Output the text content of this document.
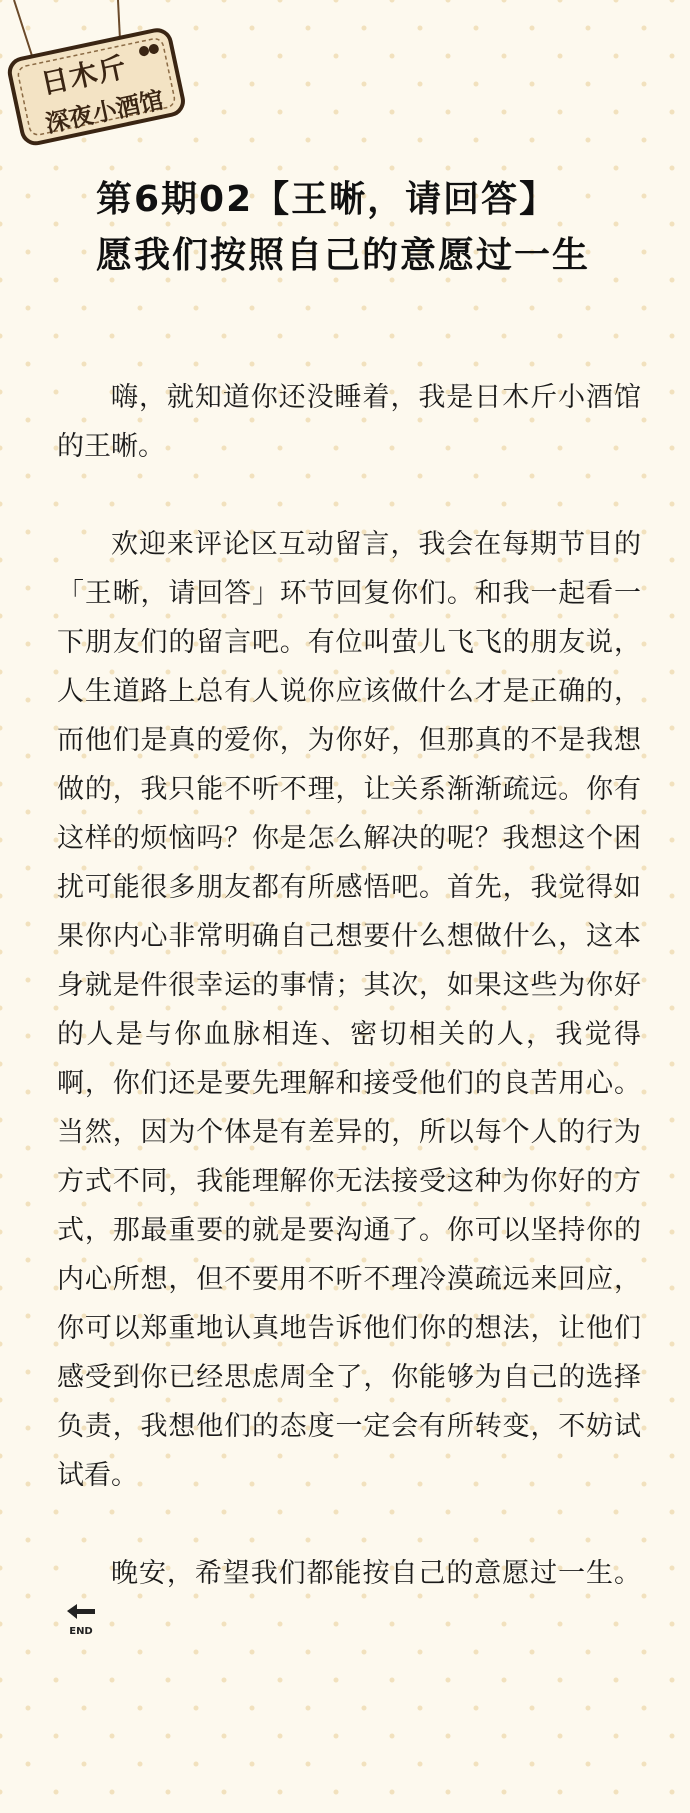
日木斤
深夜小酒馆
第6期02【王晰，请回答】
愿我们按照自己的意愿过一生

嗨，就知道你还没睡着，我是日木斤小酒馆的王晰。

欢迎来评论区互动留言，我会在每期节目的「王晰，请回答」环节回复你们。和我一起看一下朋友们的留言吧。有位叫萤儿飞飞的朋友说，人生道路上总有人说你应该做什么才是正确的，而他们是真的爱你，为你好，但那真的不是我想做的，我只能不听不理，让关系渐渐疏远。你有这样的烦恼吗？你是怎么解决的呢？我想这个困扰可能很多朋友都有所感悟吧。首先，我觉得如果你内心非常明确自己想要什么想做什么，这本身就是件很幸运的事情；其次，如果这些为你好的人是与你血脉相连、密切相关的人，我觉得啊，你们还是要先理解和接受他们的良苦用心。当然，因为个体是有差异的，所以每个人的行为方式不同，我能理解你无法接受这种为你好的方式，那最重要的就是要沟通了。你可以坚持你的内心所想，但不要用不听不理冷漠疏远来回应，你可以郑重地认真地告诉他们你的想法，让他们感受到你已经思虑周全了，你能够为自己的选择负责，我想他们的态度一定会有所转变，不妨试试看。

晚安，希望我们都能按自己的意愿过一生。
END
